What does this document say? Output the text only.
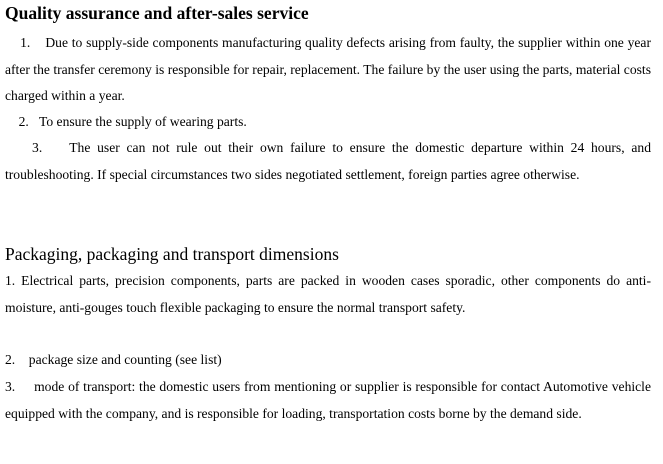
Quality assurance and after-sales service

1.    Due to supply-side components manufacturing quality defects arising from faulty, the supplier within one year after the transfer ceremony is responsible for repair, replacement. The failure by the user using the parts, material costs charged within a year.

2.   To ensure the supply of wearing parts.

3.    The user can not rule out their own failure to ensure the domestic departure within 24 hours, and troubleshooting. If special circumstances two sides negotiated settlement, foreign parties agree otherwise.

Packaging, packaging and transport dimensions

1. Electrical parts, precision components, parts are packed in wooden cases sporadic, other components do anti- moisture, anti-gouges touch flexible packaging to ensure the normal transport safety.

2.    package size and counting (see list)

3.     mode of transport: the domestic users from mentioning or supplier is responsible for contact Automotive vehicle equipped with the company, and is responsible for loading, transportation costs borne by the demand side.
